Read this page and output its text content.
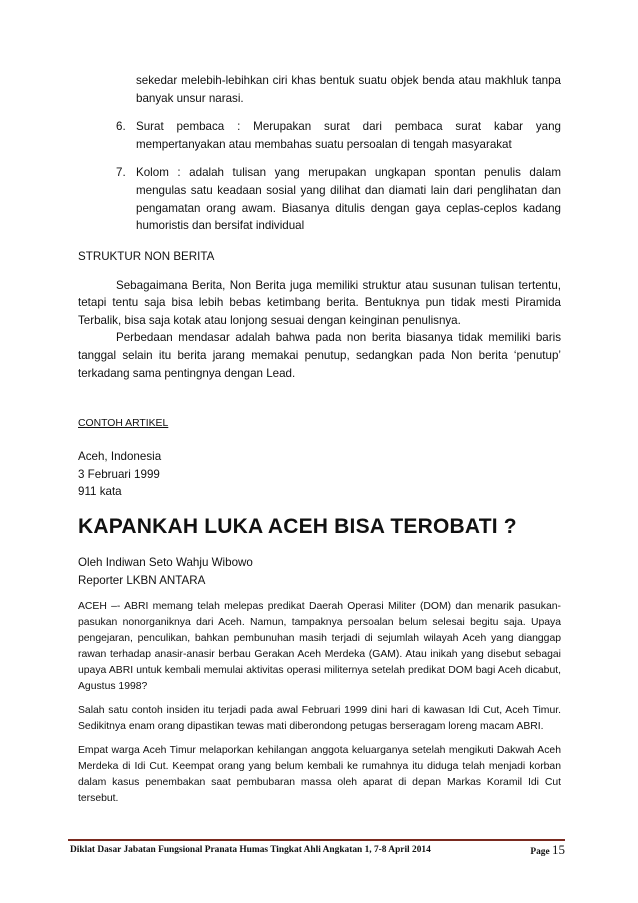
sekedar melebih-lebihkan ciri khas bentuk suatu objek benda atau makhluk tanpa banyak unsur narasi.
6. Surat pembaca : Merupakan surat dari pembaca surat kabar yang mempertanyakan atau membahas suatu persoalan di tengah masyarakat
7. Kolom : adalah tulisan yang merupakan ungkapan spontan penulis dalam mengulas satu keadaan sosial yang dilihat dan diamati lain dari penglihatan dan pengamatan orang awam. Biasanya ditulis dengan gaya ceplas-ceplos kadang humoristis dan bersifat individual
STRUKTUR NON BERITA

Sebagaimana Berita, Non Berita juga memiliki struktur atau susunan tulisan tertentu, tetapi tentu saja bisa lebih bebas ketimbang berita. Bentuknya pun tidak mesti Piramida Terbalik, bisa saja kotak atau lonjong sesuai dengan keinginan penulisnya.

Perbedaan mendasar adalah bahwa pada non berita biasanya tidak memiliki baris tanggal selain itu berita jarang memakai penutup, sedangkan pada Non berita ‘penutup’ terkadang sama pentingnya dengan Lead.

CONTOH ARTIKEL
Aceh, Indonesia
3 Februari 1999
911 kata
KAPANKAH LUKA ACEH BISA TEROBATI ?
Oleh Indiwan Seto Wahju Wibowo
Reporter LKBN ANTARA

ACEH –- ABRI memang telah melepas predikat Daerah Operasi Militer (DOM) dan menarik pasukan-pasukan nonorganiknya dari Aceh. Namun, tampaknya persoalan belum selesai begitu saja. Upaya pengejaran, penculikan, bahkan pembunuhan masih terjadi di sejumlah wilayah Aceh yang dianggap rawan terhadap anasir-anasir berbau Gerakan Aceh Merdeka (GAM). Atau inikah yang disebut sebagai upaya ABRI untuk kembali memulai aktivitas operasi militernya setelah predikat DOM bagi Aceh dicabut, Agustus 1998?

Salah satu contoh insiden itu terjadi pada awal Februari 1999 dini hari di kawasan Idi Cut, Aceh Timur. Sedikitnya enam orang dipastikan tewas mati diberondong petugas berseragam loreng macam ABRI.

Empat warga Aceh Timur melaporkan kehilangan anggota keluarganya setelah mengikuti Dakwah Aceh Merdeka di Idi Cut. Keempat orang yang belum kembali ke rumahnya itu diduga telah menjadi korban dalam kasus penembakan saat pembubaran massa oleh aparat di depan Markas Koramil Idi Cut tersebut.

Diklat Dasar Jabatan Fungsional Pranata Humas Tingkat Ahli Angkatan 1, 7-8 April 2014	Page 15
